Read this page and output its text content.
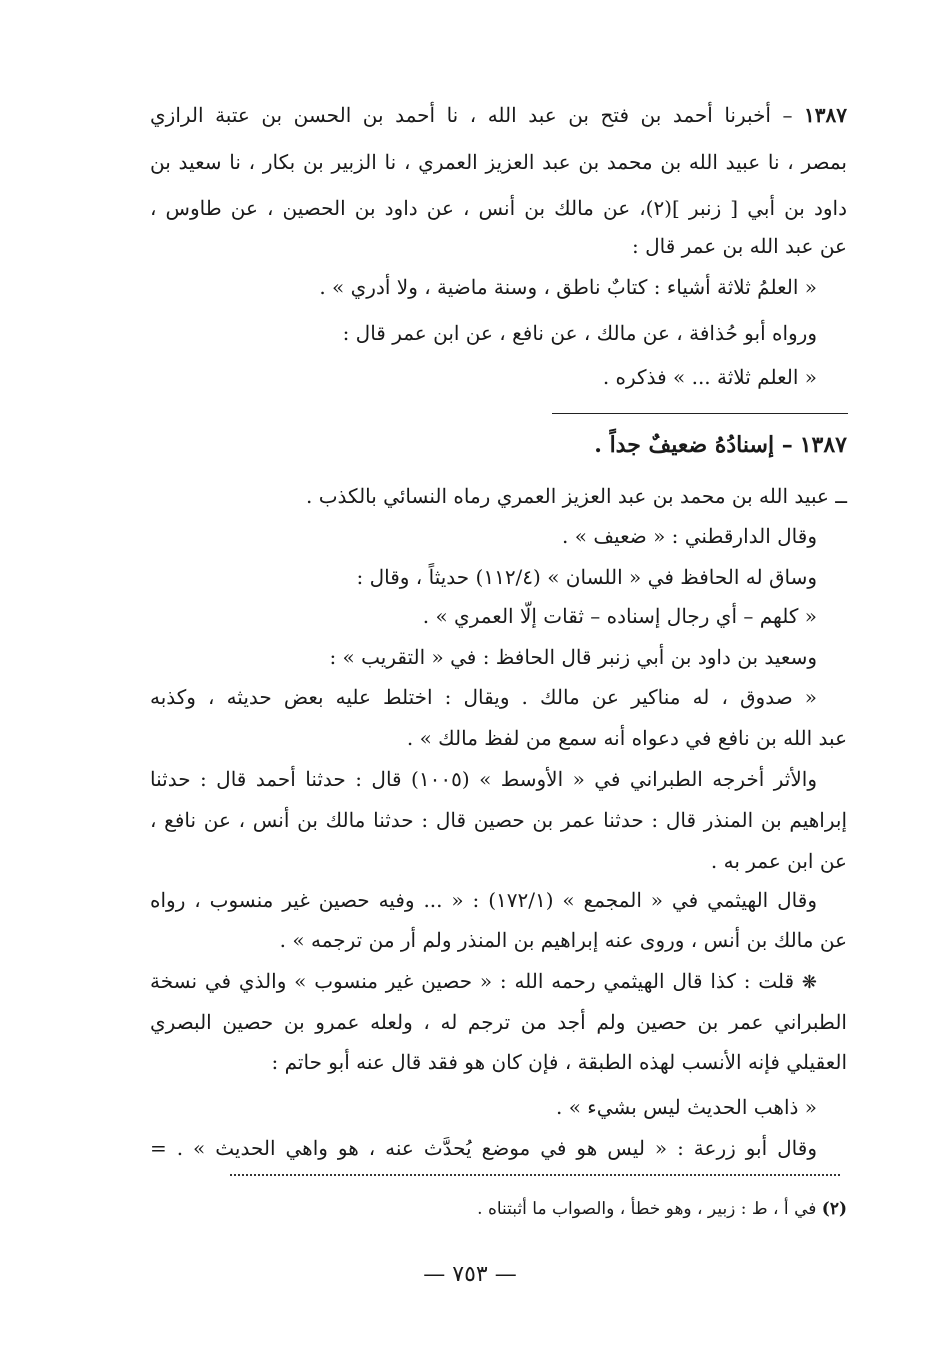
١٣٨٧ – أخبرنا أحمد بن فتح بن عبد الله ، نا أحمد بن الحسن بن عتبة الرازي
بمصر ، نا عبيد الله بن محمد بن عبد العزيز العمري ، نا الزبير بن بكار ، نا سعيد بن
داود بن أبي [ زنبر ](٢)، عن مالك بن أنس ، عن داود بن الحصين ، عن طاوس ،
عن عبد الله بن عمر قال :
« العلمُ ثلاثة أشياء : كتابٌ ناطق ، وسنة ماضية ، ولا أدري » .
ورواه أبو حُذافة ، عن مالك ، عن نافع ، عن ابن عمر قال :
« العلم ثلاثة ... » فذكره .
١٣٨٧ – إسنادُهُ ضعيفٌ جداً .
ــ عبيد الله بن محمد بن عبد العزيز العمري رماه النسائي بالكذب .
وقال الدارقطني : « ضعيف » .
وساق له الحافظ في « اللسان » (١١٢/٤) حديثاً ، وقال :
« كلهم – أي رجال إسناده – ثقات إلّا العمري » .
وسعيد بن داود بن أبي زنبر قال الحافظ : في « التقريب » :
« صدوق ، له مناكير عن مالك . ويقال : اختلط عليه بعض حديثه ، وكذبه
عبد الله بن نافع في دعواه أنه سمع من لفظ مالك » .
والأثر أخرجه الطبراني في « الأوسط » (١٠٠٥) قال : حدثنا أحمد قال : حدثنا
إبراهيم بن المنذر قال : حدثنا عمر بن حصين قال : حدثنا مالك بن أنس ، عن نافع ،
عن ابن عمر به .
وقال الهيثمي في « المجمع » (١٧٢/١) : « ... وفيه حصين غير منسوب ، رواه
عن مالك بن أنس ، وروى عنه إبراهيم بن المنذر ولم أر من ترجمه » .
❋ قلت : كذا قال الهيثمي رحمه الله : « حصين غير منسوب » والذي في نسخة
الطبراني عمر بن حصين ولم أجد من ترجم له ، ولعله عمرو بن حصين البصري
العقيلي فإنه الأنسب لهذه الطبقة ، فإن كان هو فقد قال عنه أبو حاتم :
« ذاهب الحديث ليس بشيء » .
وقال أبو زرعة : « ليس هو في موضع يُحدَّث عنه ، هو واهي الحديث » . =
(٢) في أ ، ط : زبير ، وهو خطأ ، والصواب ما أثبتناه .
— ٧٥٣ —
